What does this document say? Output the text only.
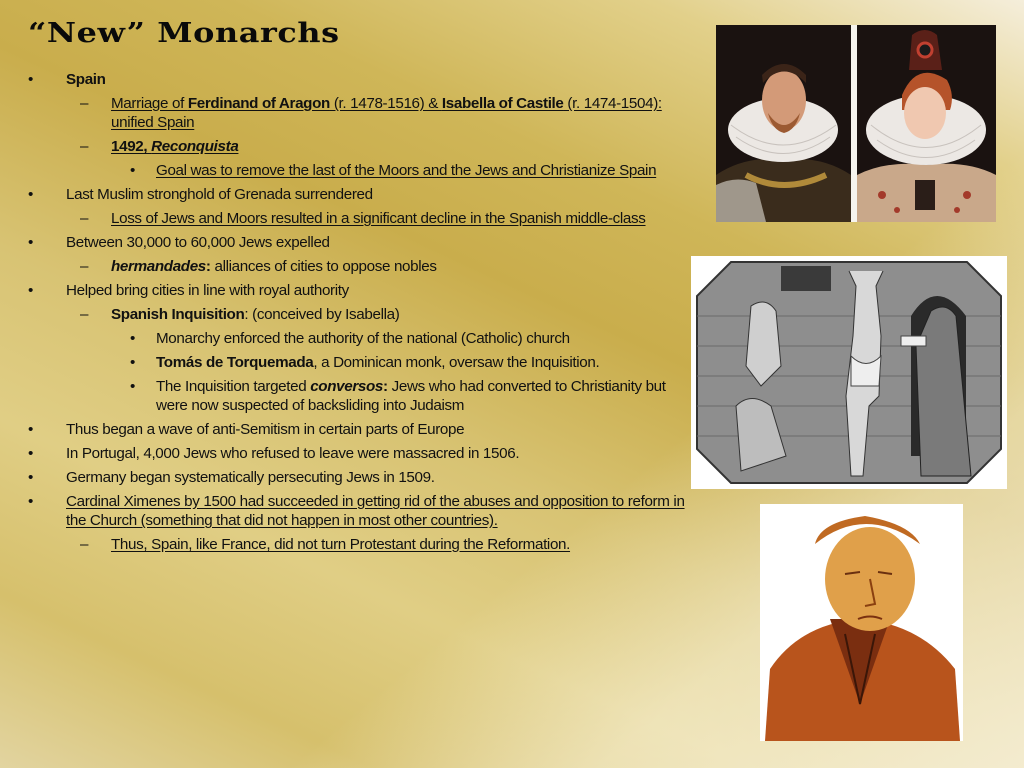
“New” Monarchs
• Spain
– Marriage of Ferdinand of Aragon (r. 1478-1516) & Isabella of Castile (r. 1474-1504): unified Spain
– 1492, Reconquista
• Goal was to remove the last of the Moors and the Jews and Christianize Spain
• Last Muslim stronghold of Grenada surrendered
– Loss of Jews and Moors resulted in a significant decline in the Spanish middle-class
• Between 30,000 to 60,000 Jews expelled
– hermandades: alliances of cities to oppose nobles
• Helped bring cities in line with royal authority
– Spanish Inquisition: (conceived by Isabella)
• Monarchy enforced the authority of the national (Catholic) church
• Tomás de Torquemada, a Dominican monk, oversaw the Inquisition.
• The Inquisition targeted conversos: Jews who had converted to Christianity but were now suspected of backsliding into Judaism
• Thus began a wave of anti-Semitism in certain parts of Europe
• In Portugal, 4,000 Jews who refused to leave were massacred in 1506.
• Germany began systematically persecuting Jews in 1509.
• Cardinal Ximenes by 1500 had succeeded in getting rid of the abuses and opposition to reform in the Church (something that did not happen in most other countries).
– Thus, Spain, like France, did not turn Protestant during the Reformation.
